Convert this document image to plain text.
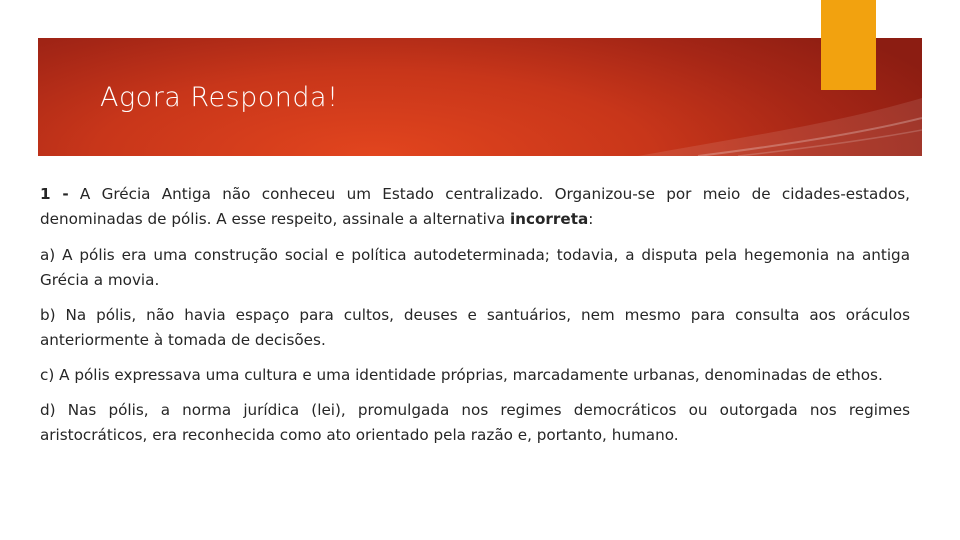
Agora Responda!

1 - A Grécia Antiga não conheceu um Estado centralizado. Organizou-se por meio de cidades-estados, denominadas de pólis. A esse respeito, assinale a alternativa incorreta:

a) A pólis era uma construção social e política autodeterminada; todavia, a disputa pela hegemonia na antiga Grécia a movia.

b) Na pólis, não havia espaço para cultos, deuses e santuários, nem mesmo para consulta aos oráculos anteriormente à tomada de decisões.

c) A pólis expressava uma cultura e uma identidade próprias, marcadamente urbanas, denominadas de ethos.

d) Nas pólis, a norma jurídica (lei), promulgada nos regimes democráticos ou outorgada nos regimes aristocráticos, era reconhecida como ato orientado pela razão e, portanto, humano.
